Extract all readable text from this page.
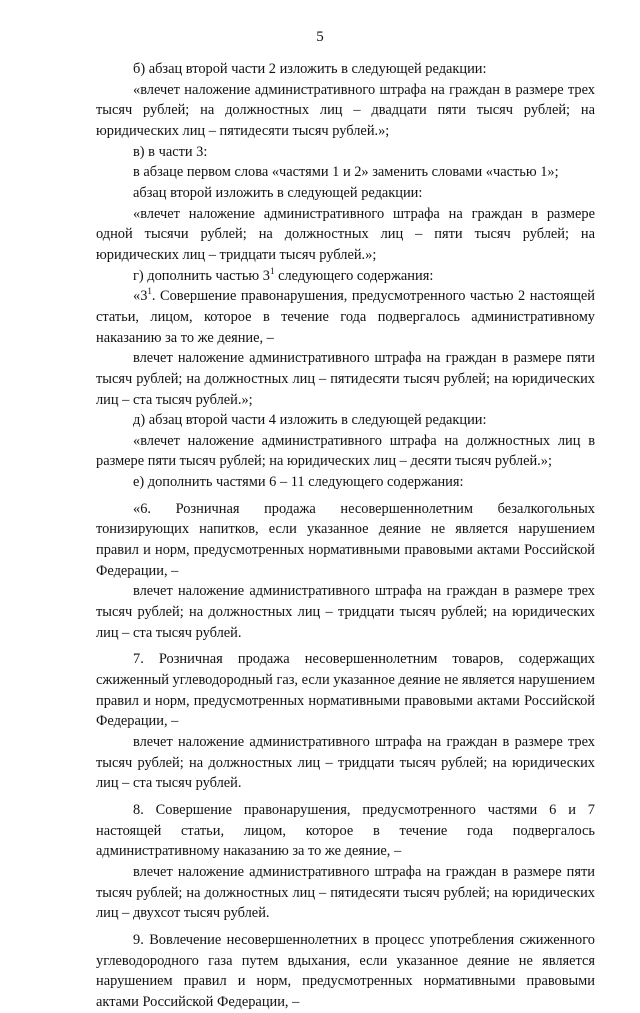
5

б) абзац второй части 2 изложить в следующей редакции:

«влечет наложение административного штрафа на граждан в размере трех тысяч рублей; на должностных лиц – двадцати пяти тысяч рублей; на юридических лиц – пятидесяти тысяч рублей.»;

в) в части 3:

в абзаце первом слова «частями 1 и 2» заменить словами «частью 1»;

абзац второй изложить в следующей редакции:

«влечет наложение административного штрафа на граждан в размере одной тысячи рублей; на должностных лиц – пяти тысяч рублей; на юридических лиц – тридцати тысяч рублей.»;

г) дополнить частью $3^1$ следующего содержания:

«$3^1$. Совершение правонарушения, предусмотренного частью 2 настоящей статьи, лицом, которое в течение года подвергалось административному наказанию за то же деяние, –

влечет наложение административного штрафа на граждан в размере пяти тысяч рублей; на должностных лиц – пятидесяти тысяч рублей; на юридических лиц – ста тысяч рублей.»;

д) абзац второй части 4 изложить в следующей редакции:

«влечет наложение административного штрафа на должностных лиц в размере пяти тысяч рублей; на юридических лиц – десяти тысяч рублей.»;

е) дополнить частями 6 – 11 следующего содержания:

«6. Розничная продажа несовершеннолетним безалкогольных тонизирующих напитков, если указанное деяние не является нарушением правил и норм, предусмотренных нормативными правовыми актами Российской Федерации, –

влечет наложение административного штрафа на граждан в размере трех тысяч рублей; на должностных лиц – тридцати тысяч рублей; на юридических лиц – ста тысяч рублей.

7. Розничная продажа несовершеннолетним товаров, содержащих сжиженный углеводородный газ, если указанное деяние не является нарушением правил и норм, предусмотренных нормативными правовыми актами Российской Федерации, –

влечет наложение административного штрафа на граждан в размере трех тысяч рублей; на должностных лиц – тридцати тысяч рублей; на юридических лиц – ста тысяч рублей.

8. Совершение правонарушения, предусмотренного частями 6 и 7 настоящей статьи, лицом, которое в течение года подвергалось административному наказанию за то же деяние, –

влечет наложение административного штрафа на граждан в размере пяти тысяч рублей; на должностных лиц – пятидесяти тысяч рублей; на юридических лиц – двухсот тысяч рублей.

9. Вовлечение несовершеннолетних в процесс употребления сжиженного углеводородного газа путем вдыхания, если указанное деяние не является нарушением правил и норм, предусмотренных нормативными правовыми актами Российской Федерации, –
